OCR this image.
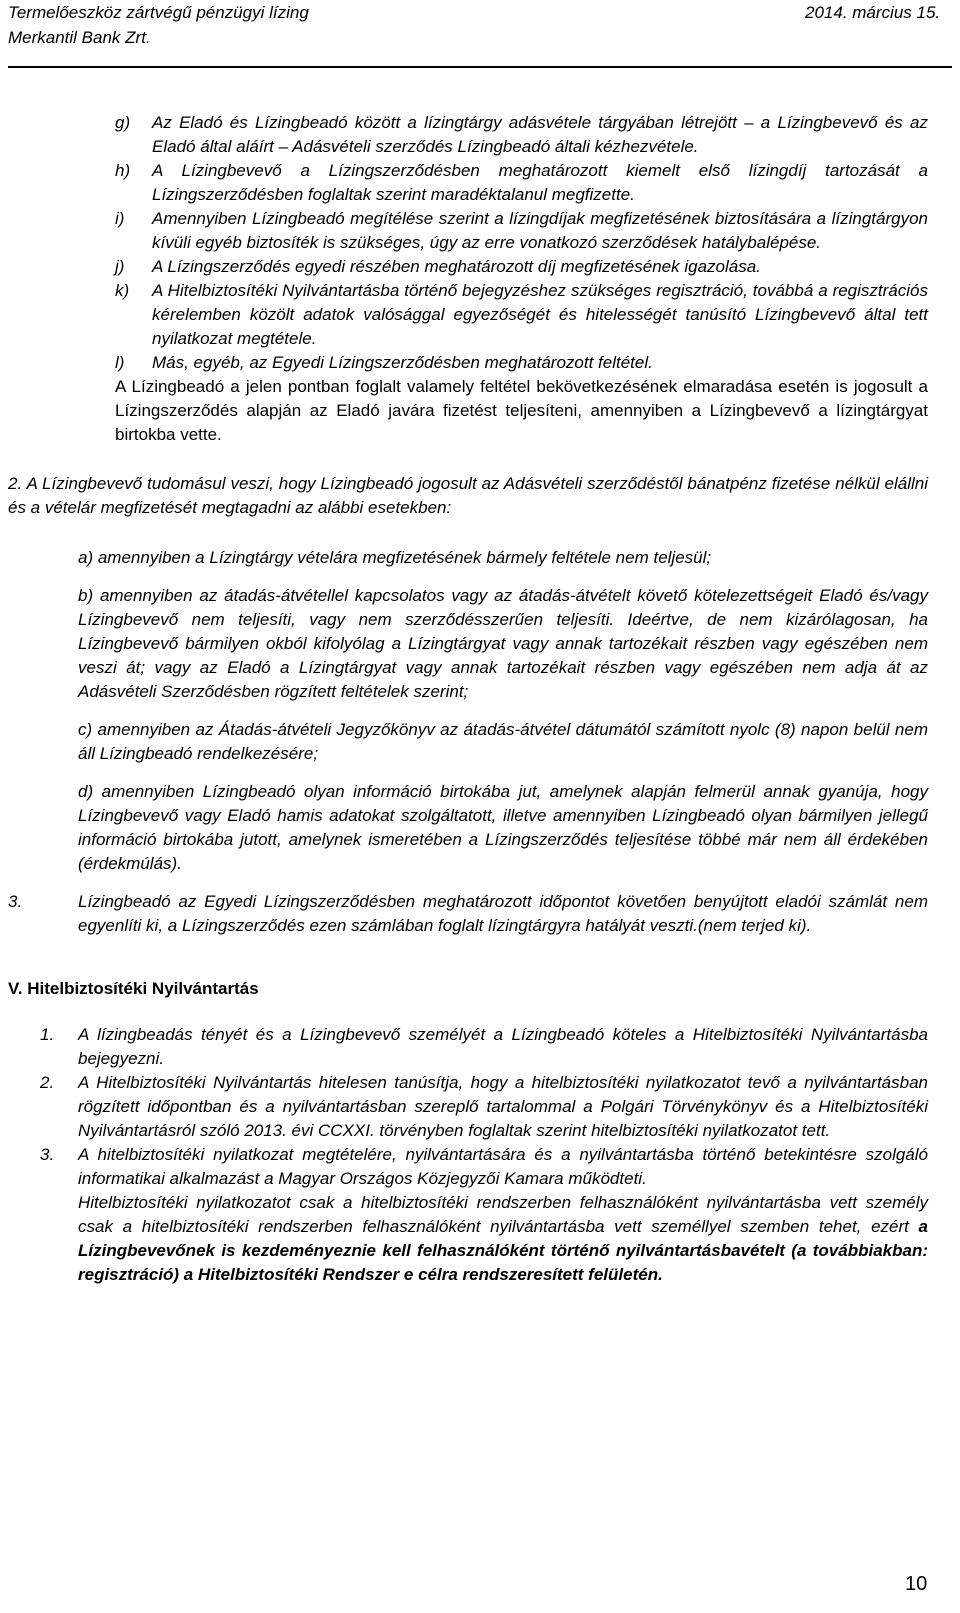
Termelőeszköz zártvégű pénzügyi lízing
Merkantil Bank Zrt.
2014. március 15.
g)	Az Eladó és Lízingbeadó között a lízingtárgy adásvétele tárgyában létrejött – a Lízingbevevő és az Eladó által aláírt – Adásvételi szerződés Lízingbeadó általi kézhezvétele.
h)	A Lízingbevevő a Lízingszerződésben meghatározott kiemelt első lízingdíj tartozását a Lízingszerződésben foglaltak szerint maradéktalanul megfizette.
i)	Amennyiben Lízingbeadó megítélése szerint a lízingdíjak megfizetésének biztosítására a lízingtárgyon kívüli egyéb biztosíték is szükséges, úgy az erre vonatkozó szerződések hatálybalépése.
j)	A Lízingszerződés egyedi részében meghatározott díj megfizetésének igazolása.
k)	A Hitelbiztosítéki Nyilvántartásba történő bejegyzéshez szükséges regisztráció, továbbá a regisztrációs kérelemben közölt adatok valósággal egyezőségét és hitelességét tanúsító Lízingbevevő által tett nyilatkozat megtétele.
l)	Más, egyéb, az Egyedi Lízingszerződésben meghatározott feltétel.
A Lízingbeadó a jelen pontban foglalt valamely feltétel bekövetkezésének elmaradása esetén is jogosult a Lízingszerződés alapján az Eladó javára fizetést teljesíteni, amennyiben a Lízingbevevő a lízingtárgyat birtokba vette.
2. A Lízingbevevő tudomásul veszi, hogy Lízingbeadó jogosult az Adásvételi szerződéstől bánatpénz fizetése nélkül elállni és a vételár megfizetését megtagadni az alábbi esetekben:
a) amennyiben a Lízingtárgy vételára megfizetésének bármely feltétele nem teljesül;
b) amennyiben az átadás-átvétellel kapcsolatos vagy az átadás-átvételt követő kötelezettségeit Eladó és/vagy Lízingbevevő nem teljesíti, vagy nem szerződésszerűen teljesíti. Ideértve, de nem kizárólagosan, ha Lízingbevevő bármilyen okból kifolyólag a Lízingtárgyat vagy annak tartozékait részben vagy egészében nem veszi át; vagy az Eladó a Lízingtárgyat vagy annak tartozékait részben vagy egészében nem adja át az Adásvételi Szerződésben rögzített feltételek szerint;
c) amennyiben az Átadás-átvételi Jegyzőkönyv az átadás-átvétel dátumától számított nyolc (8) napon belül nem áll Lízingbeadó rendelkezésére;
d) amennyiben Lízingbeadó olyan információ birtokába jut, amelynek alapján felmerül annak gyanúja, hogy Lízingbevevő vagy Eladó hamis adatokat szolgáltatott, illetve amennyiben Lízingbeadó olyan bármilyen jellegű információ birtokába jutott, amelynek ismeretében a Lízingszerződés teljesítése többé már nem áll érdekében (érdekmúlás).
3.	Lízingbeadó az Egyedi Lízingszerződésben meghatározott időpontot követően benyújtott eladói számlát nem egyenlíti ki, a Lízingszerződés ezen számlában foglalt lízingtárgyra hatályát veszti.(nem terjed ki).
V. Hitelbiztosítéki Nyilvántartás
1.	A lízingbeadás tényét és a Lízingbevevő személyét a Lízingbeadó köteles a Hitelbiztosítéki Nyilvántartásba bejegyezni.
2.	A Hitelbiztosítéki Nyilvántartás hitelesen tanúsítja, hogy a hitelbiztosítéki nyilatkozatot tevő a nyilvántartásban rögzített időpontban és a nyilvántartásban szereplő tartalommal a Polgári Törvénykönyv és a Hitelbiztosítéki Nyilvántartásról szóló 2013. évi CCXXI. törvényben foglaltak szerint hitelbiztosítéki nyilatkozatot tett.
3.	A hitelbiztosítéki nyilatkozat megtételére, nyilvántartására és a nyilvántartásba történő betekintésre szolgáló informatikai alkalmazást a Magyar Országos Közjegyzői Kamara működteti.
Hitelbiztosítéki nyilatkozatot csak a hitelbiztosítéki rendszerben felhasználóként nyilvántartásba vett személy csak a hitelbiztosítéki rendszerben felhasználóként nyilvántartásba vett személlyel szemben tehet, ezért a Lízingbevevőnek is kezdeményeznie kell felhasználóként történő nyilvántartásbavételt (a továbbiakban: regisztráció) a Hitelbiztosítéki Rendszer e célra rendszeresített felületén.
10
